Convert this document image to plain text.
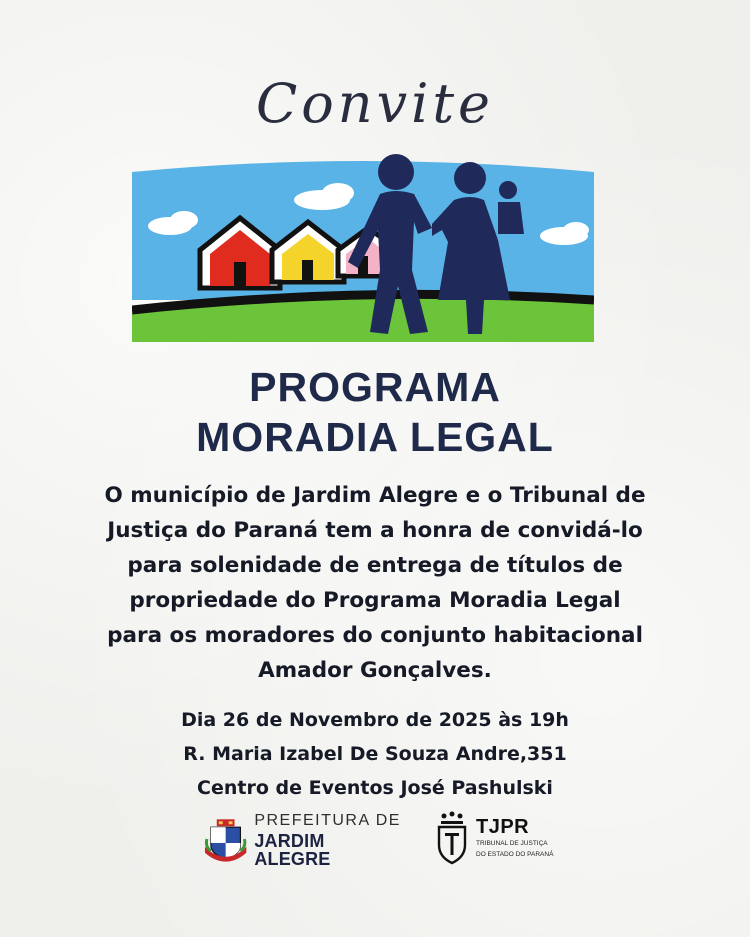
Convite
PROGRAMA
MORADIA LEGAL
O município de Jardim Alegre e o Tribunal de
Justiça do Paraná tem a honra de convidá-lo
para solenidade de entrega de títulos de
propriedade do Programa Moradia Legal
para os moradores do conjunto habitacional
Amador Gonçalves.
Dia 26 de Novembro de 2025 às 19h
R. Maria Izabel De Souza Andre,351
Centro de Eventos José Pashulski
PREFEITURA DE
JARDIM ALEGRE
TJPR
TRIBUNAL DE JUSTIÇA
DO ESTADO DO PARANÁ
